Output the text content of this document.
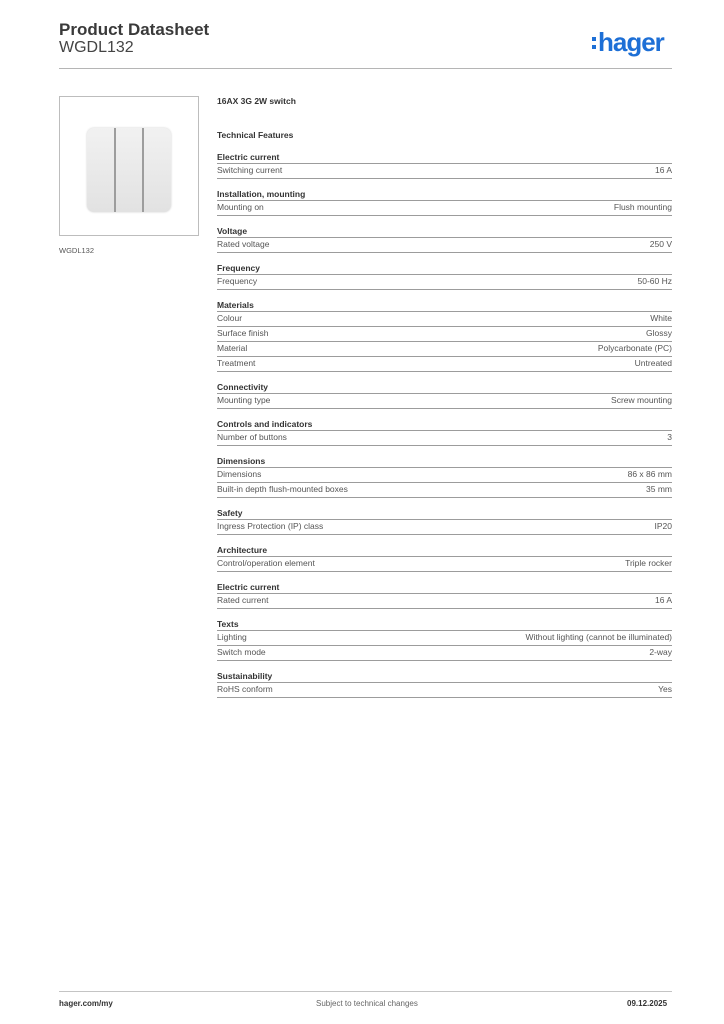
Product Datasheet
WGDL132	hager
WGDL132
16AX 3G 2W switch
Technical Features
Electric current
Switching current	16 A
Installation, mounting
Mounting on	Flush mounting
Voltage
Rated voltage	250 V
Frequency
Frequency	50-60 Hz
Materials
Colour	White
Surface finish	Glossy
Material	Polycarbonate (PC)
Treatment	Untreated
Connectivity
Mounting type	Screw mounting
Controls and indicators
Number of buttons	3
Dimensions
Dimensions	86 x 86 mm
Built-in depth flush-mounted boxes	35 mm
Safety
Ingress Protection (IP) class	IP20
Architecture
Control/operation element	Triple rocker
Electric current
Rated current	16 A
Texts
Lighting	Without lighting (cannot be illuminated)
Switch mode	2-way
Sustainability
RoHS conform	Yes
hager.com/my	Subject to technical changes	09.12.2025
